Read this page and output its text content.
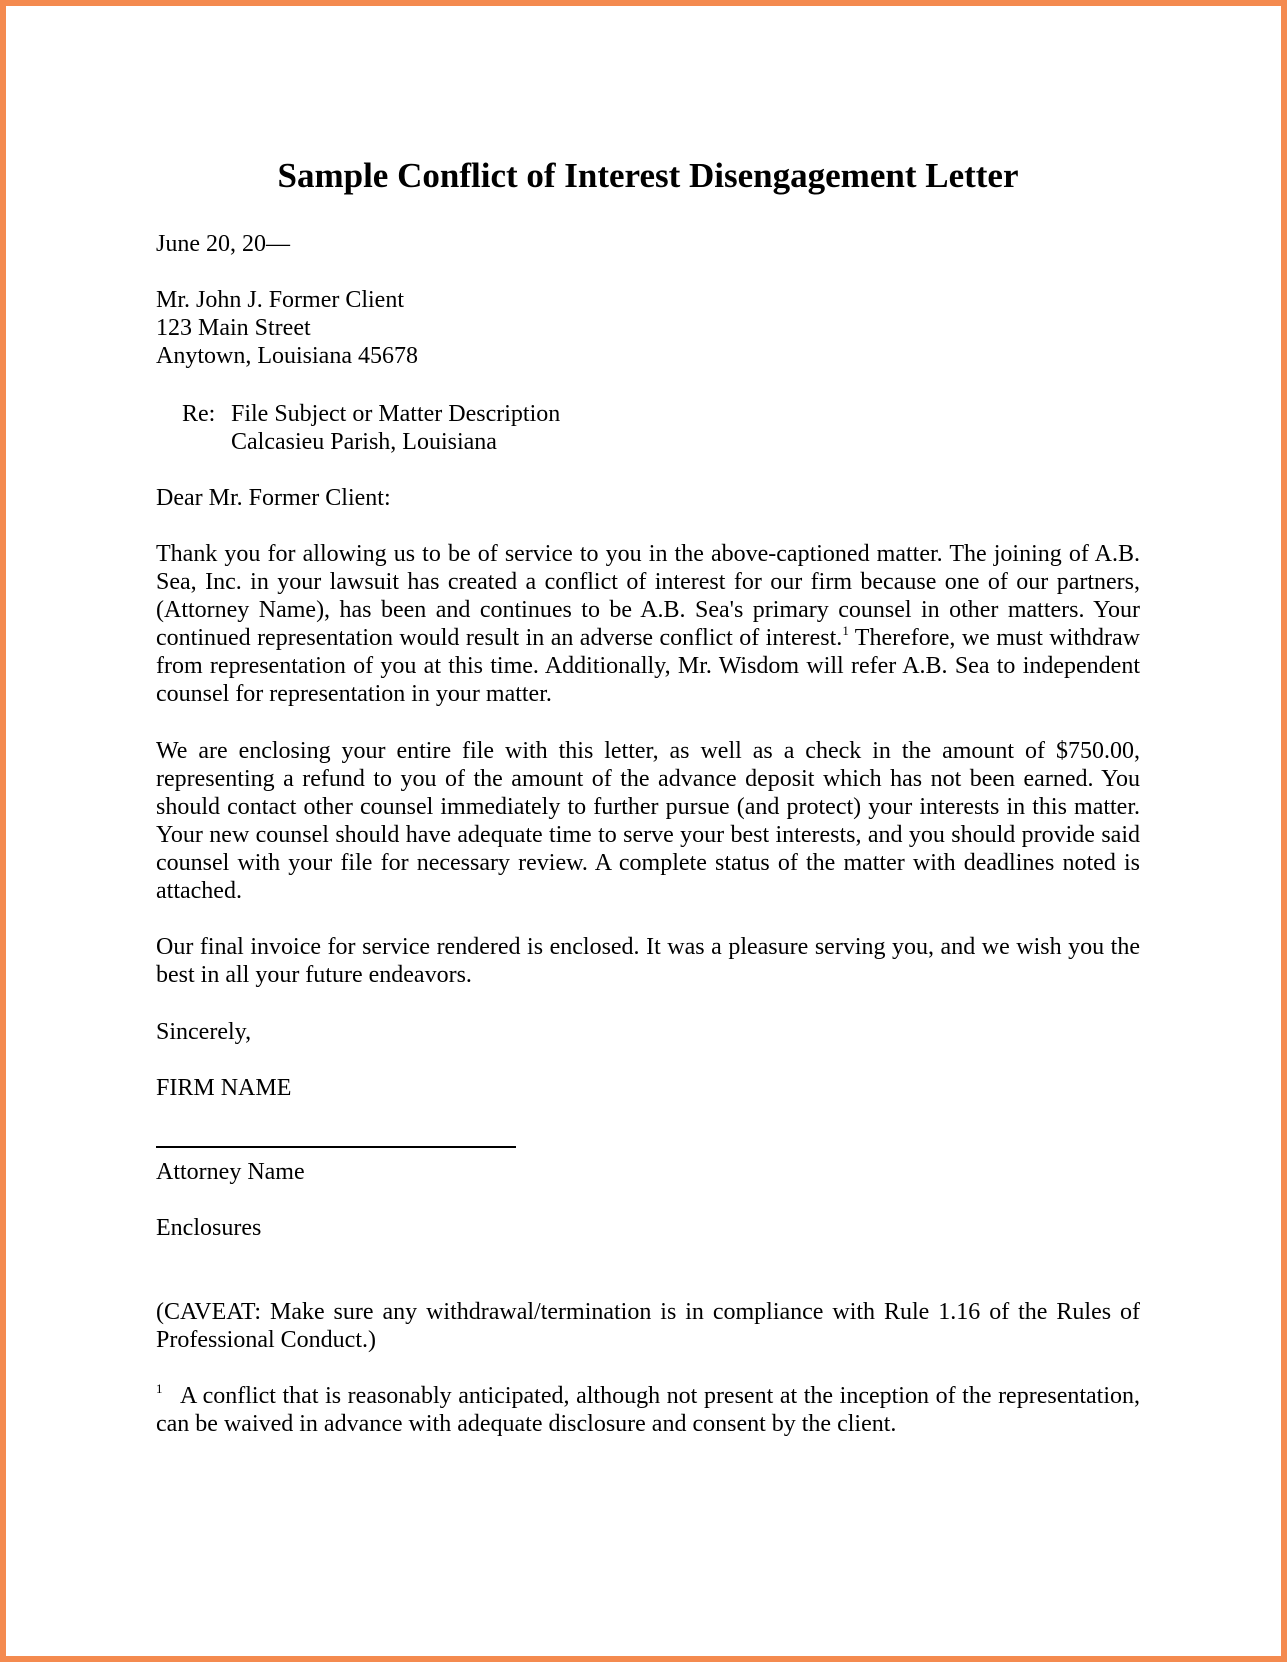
Sample Conflict of Interest Disengagement Letter
June 20, 20—
Mr. John J. Former Client
123 Main Street
Anytown, Louisiana 45678
Re: File Subject or Matter Description
Calcasieu Parish, Louisiana
Dear Mr. Former Client:

Thank you for allowing us to be of service to you in the above-captioned matter. The joining of A.B. Sea, Inc. in your lawsuit has created a conflict of interest for our firm because one of our partners, (Attorney Name), has been and continues to be A.B. Sea's primary counsel in other matters. Your continued representation would result in an adverse conflict of interest.$^1$ Therefore, we must withdraw from representation of you at this time. Additionally, Mr. Wisdom will refer A.B. Sea to independent counsel for representation in your matter.

We are enclosing your entire file with this letter, as well as a check in the amount of $750.00, representing a refund to you of the amount of the advance deposit which has not been earned. You should contact other counsel immediately to further pursue (and protect) your interests in this matter. Your new counsel should have adequate time to serve your best interests, and you should provide said counsel with your file for necessary review. A complete status of the matter with deadlines noted is attached.

Our final invoice for service rendered is enclosed. It was a pleasure serving you, and we wish you the best in all your future endeavors.

Sincerely,
FIRM NAME
Attorney Name
Enclosures

(CAVEAT: Make sure any withdrawal/termination is in compliance with Rule 1.16 of the Rules of Professional Conduct.)

$^1$ A conflict that is reasonably anticipated, although not present at the inception of the representation, can be waived in advance with adequate disclosure and consent by the client.
